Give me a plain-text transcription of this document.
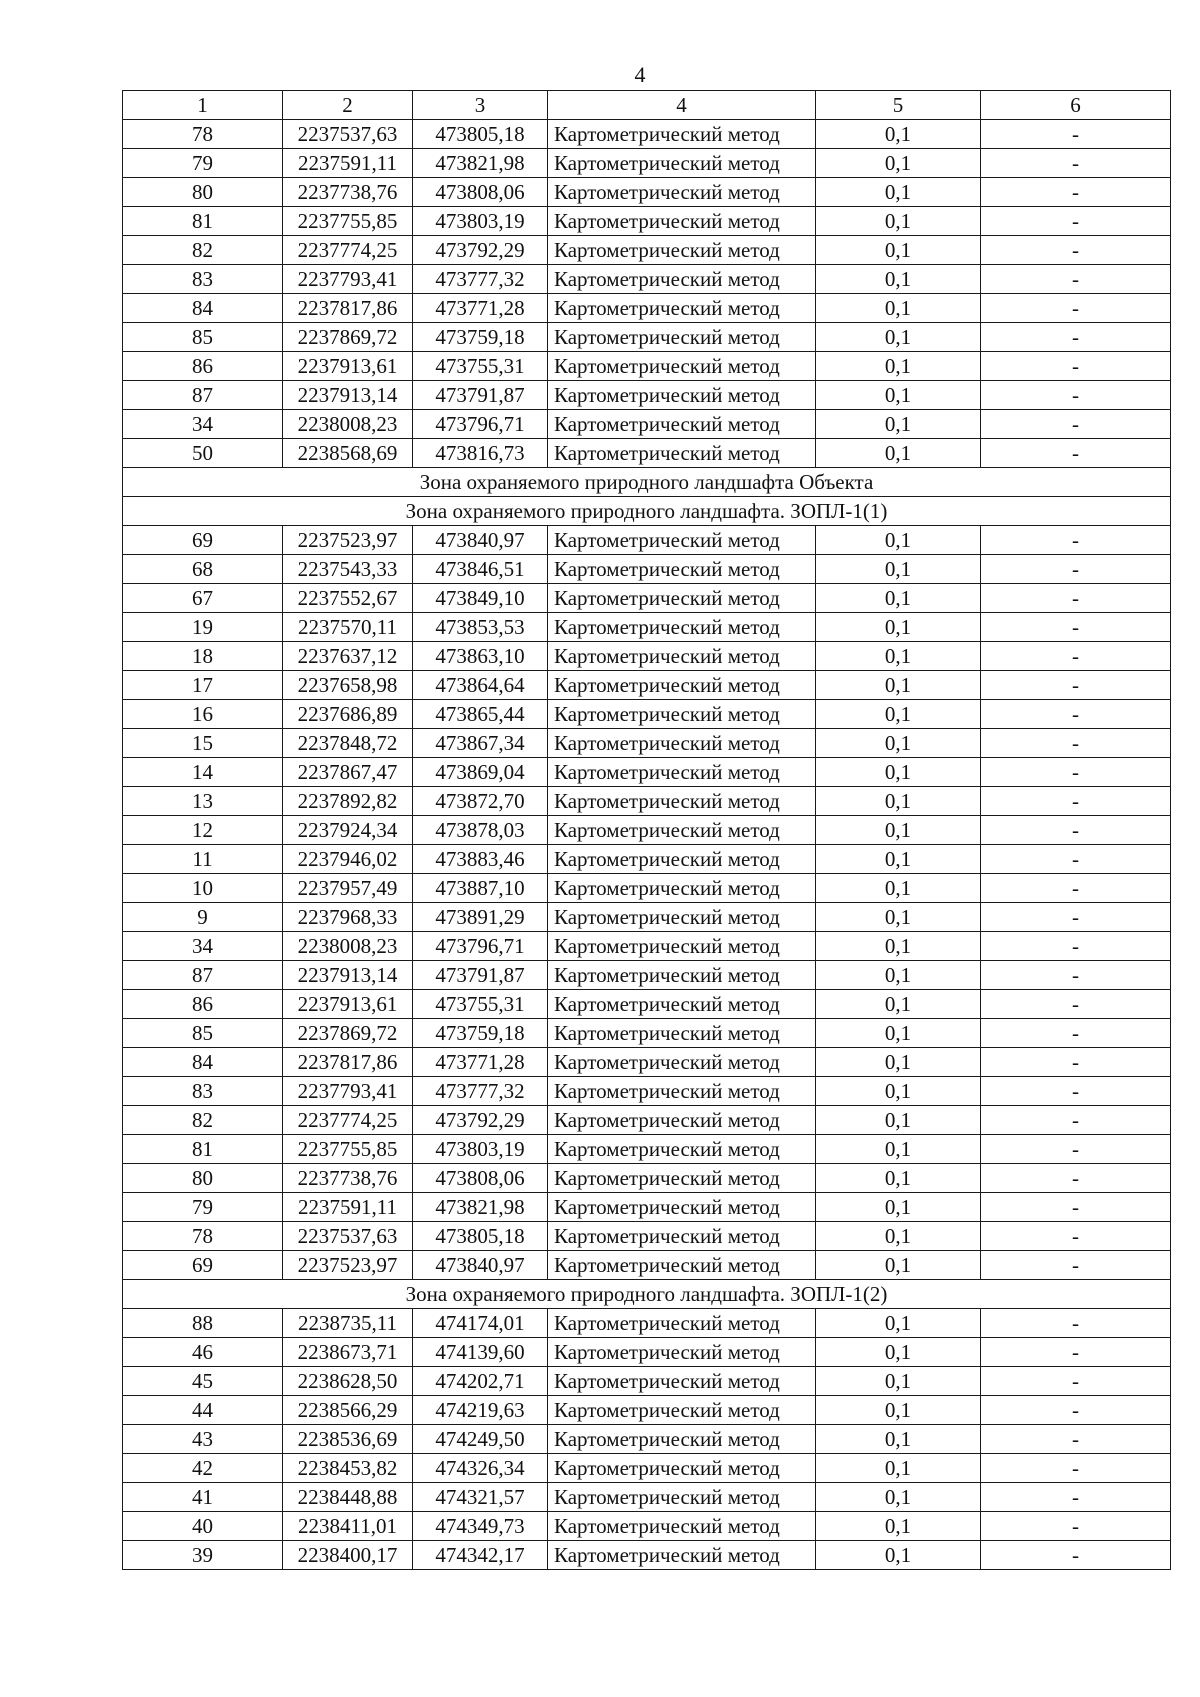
4
1	2	3	4	5	6
78	2237537,63	473805,18	Картометрический метод	0,1	-
79	2237591,11	473821,98	Картометрический метод	0,1	-
80	2237738,76	473808,06	Картометрический метод	0,1	-
81	2237755,85	473803,19	Картометрический метод	0,1	-
82	2237774,25	473792,29	Картометрический метод	0,1	-
83	2237793,41	473777,32	Картометрический метод	0,1	-
84	2237817,86	473771,28	Картометрический метод	0,1	-
85	2237869,72	473759,18	Картометрический метод	0,1	-
86	2237913,61	473755,31	Картометрический метод	0,1	-
87	2237913,14	473791,87	Картометрический метод	0,1	-
34	2238008,23	473796,71	Картометрический метод	0,1	-
50	2238568,69	473816,73	Картометрический метод	0,1	-
Зона охраняемого природного ландшафта Объекта					
Зона охраняемого природного ландшафта. ЗОПЛ-1(1)					
69	2237523,97	473840,97	Картометрический метод	0,1	-
68	2237543,33	473846,51	Картометрический метод	0,1	-
67	2237552,67	473849,10	Картометрический метод	0,1	-
19	2237570,11	473853,53	Картометрический метод	0,1	-
18	2237637,12	473863,10	Картометрический метод	0,1	-
17	2237658,98	473864,64	Картометрический метод	0,1	-
16	2237686,89	473865,44	Картометрический метод	0,1	-
15	2237848,72	473867,34	Картометрический метод	0,1	-
14	2237867,47	473869,04	Картометрический метод	0,1	-
13	2237892,82	473872,70	Картометрический метод	0,1	-
12	2237924,34	473878,03	Картометрический метод	0,1	-
11	2237946,02	473883,46	Картометрический метод	0,1	-
10	2237957,49	473887,10	Картометрический метод	0,1	-
9	2237968,33	473891,29	Картометрический метод	0,1	-
34	2238008,23	473796,71	Картометрический метод	0,1	-
87	2237913,14	473791,87	Картометрический метод	0,1	-
86	2237913,61	473755,31	Картометрический метод	0,1	-
85	2237869,72	473759,18	Картометрический метод	0,1	-
84	2237817,86	473771,28	Картометрический метод	0,1	-
83	2237793,41	473777,32	Картометрический метод	0,1	-
82	2237774,25	473792,29	Картометрический метод	0,1	-
81	2237755,85	473803,19	Картометрический метод	0,1	-
80	2237738,76	473808,06	Картометрический метод	0,1	-
79	2237591,11	473821,98	Картометрический метод	0,1	-
78	2237537,63	473805,18	Картометрический метод	0,1	-
69	2237523,97	473840,97	Картометрический метод	0,1	-
Зона охраняемого природного ландшафта. ЗОПЛ-1(2)					
88	2238735,11	474174,01	Картометрический метод	0,1	-
46	2238673,71	474139,60	Картометрический метод	0,1	-
45	2238628,50	474202,71	Картометрический метод	0,1	-
44	2238566,29	474219,63	Картометрический метод	0,1	-
43	2238536,69	474249,50	Картометрический метод	0,1	-
42	2238453,82	474326,34	Картометрический метод	0,1	-
41	2238448,88	474321,57	Картометрический метод	0,1	-
40	2238411,01	474349,73	Картометрический метод	0,1	-
39	2238400,17	474342,17	Картометрический метод	0,1	-
